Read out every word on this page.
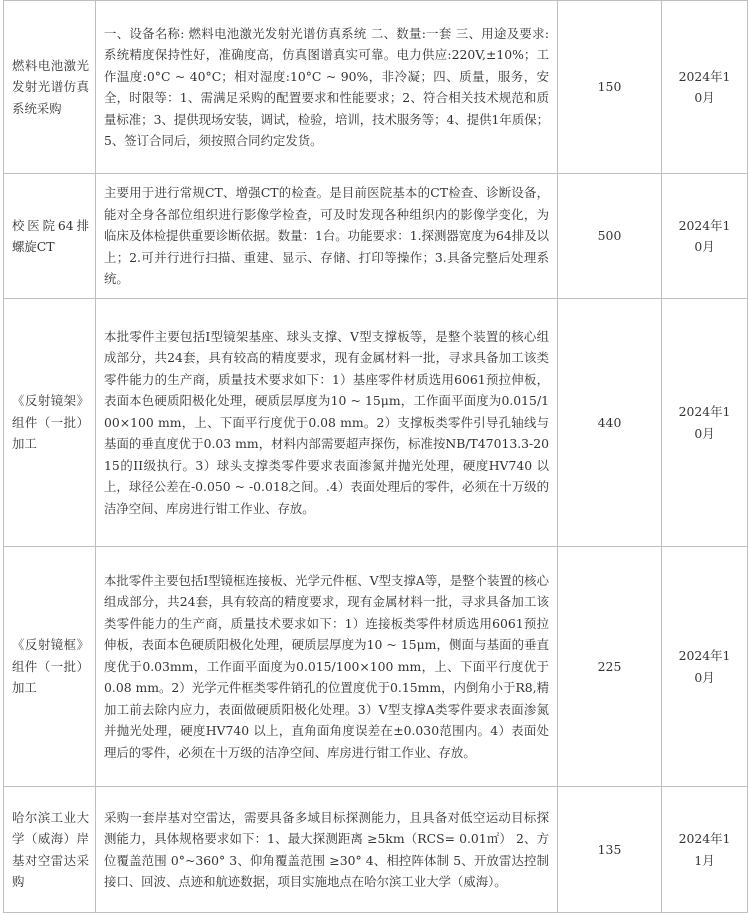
燃料电池激光发射光谱仿真系统采购	一、设备名称: 燃料电池激光发射光谱仿真系统 二、数量:一套 三、用途及要求:系统精度保持性好，准确度高，仿真图谱真实可靠。电力供应:220V,±10%；工作温度:0°C ~ 40°C；相对湿度:10°C ~ 90%，非冷凝；四、质量，服务，安全，时限等：1、需满足采购的配置要求和性能要求；2、符合相关技术规范和质量标准；3、提供现场安装，调试，检验，培训，技术服务等；4、提供1年质保；5、签订合同后，须按照合同约定发货。	150	2024年10月
校医院64排螺旋CT	主要用于进行常规CT、增强CT的检查。是目前医院基本的CT检查、诊断设备，能对全身各部位组织进行影像学检查，可及时发现各种组织内的影像学变化，为临床及体检提供重要诊断依据。数量：1台。功能要求：1.探测器宽度为64排及以上；2.可并行进行扫描、重建、显示、存储、打印等操作；3.具备完整后处理系统。	500	2024年10月
《反射镜架》组件（一批）加工	本批零件主要包括I型镜架基座、球头支撑、V型支撑板等，是整个装置的核心组成部分，共24套，具有较高的精度要求，现有金属材料一批，寻求具备加工该类零件能力的生产商，质量技术要求如下：1）基座零件材质选用6061预拉伸板，表面本色硬质阳极化处理，硬质层厚度为10 ~ 15μm，工作面平面度为0.015/100×100 mm，上、下面平行度优于0.08 mm。2）支撑板类零件引导孔轴线与基面的垂直度优于0.03 mm，材料内部需要超声探伤，标准按NB/T47013.3-2015的II级执行。3）球头支撑类零件要求表面渗氮并抛光处理，硬度HV740 以上，球径公差在-0.050 ~ -0.018之间。.4）表面处理后的零件，必须在十万级的洁净空间、库房进行钳工作业、存放。	440	2024年10月
《反射镜框》组件（一批）加工	本批零件主要包括I型镜框连接板、光学元件框、V型支撑A等，是整个装置的核心组成部分，共24套，具有较高的精度要求，现有金属材料一批，寻求具备加工该类零件能力的生产商，质量技术要求如下：1）连接板类零件材质选用6061预拉伸板，表面本色硬质阳极化处理，硬质层厚度为10 ~ 15μm，侧面与基面的垂直度优于0.03mm，工作面平面度为0.015/100×100 mm，上、下面平行度优于0.08 mm。2）光学元件框类零件销孔的位置度优于0.15mm，内倒角小于R8,精加工前去除内应力，表面做硬质阳极化处理。3）V型支撑A类零件要求表面渗氮并抛光处理，硬度HV740 以上，直角面角度误差在±0.030范围内。4）表面处理后的零件，必须在十万级的洁净空间、库房进行钳工作业、存放。	225	2024年10月
哈尔滨工业大学（威海）岸基对空雷达采购	采购一套岸基对空雷达，需要具备多域目标探测能力，且具备对低空运动目标探测能力，具体规格要求如下：1、最大探测距离 ≥5km（RCS= 0.01㎡） 2、方位覆盖范围 0°~360° 3、仰角覆盖范围 ≥30° 4、相控阵体制 5、开放雷达控制接口、回波、点迹和航迹数据，项目实施地点在哈尔滨工业大学（威海）。	135	2024年11月
